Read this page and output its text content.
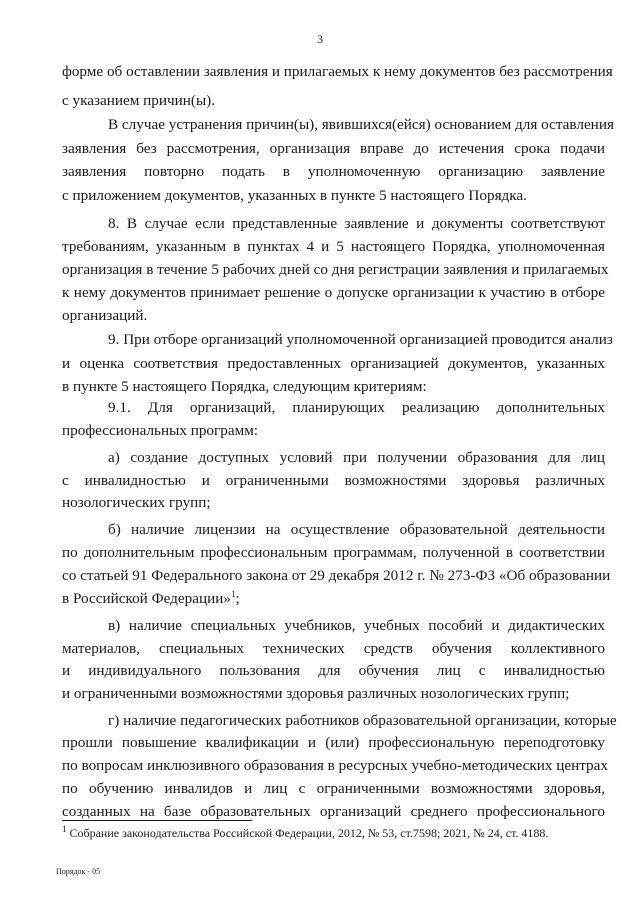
3
форме об оставлении заявления и прилагаемых к нему документов без рассмотрения
с указанием причин(ы).
В случае устранения причин(ы), явившихся(ейся) основанием для оставления
заявления без рассмотрения, организация вправе до истечения срока подачи
заявления повторно подать в уполномоченную организацию заявление
с приложением документов, указанных в пункте 5 настоящего Порядка.
8. В случае если представленные заявление и документы соответствуют
требованиям, указанным в пунктах 4 и 5 настоящего Порядка, уполномоченная
организация в течение 5 рабочих дней со дня регистрации заявления и прилагаемых
к нему документов принимает решение о допуске организации к участию в отборе
организаций.
9. При отборе организаций уполномоченной организацией проводится анализ
и оценка соответствия предоставленных организацией документов, указанных
в пункте 5 настоящего Порядка, следующим критериям:
9.1. Для организаций, планирующих реализацию дополнительных
профессиональных программ:
а) создание доступных условий при получении образования для лиц
с инвалидностью и ограниченными возможностями здоровья различных
нозологических групп;
б) наличие лицензии на осуществление образовательной деятельности
по дополнительным профессиональным программам, полученной в соответствии
со статьей 91 Федерального закона от 29 декабря 2012 г. № 273-ФЗ «Об образовании
в Российской Федерации»$^1$;
в) наличие специальных учебников, учебных пособий и дидактических
материалов, специальных технических средств обучения коллективного
и индивидуального пользования для обучения лиц с инвалидностью
и ограниченными возможностями здоровья различных нозологических групп;
г) наличие педагогических работников образовательной организации, которые
прошли повышение квалификации и (или) профессиональную переподготовку
по вопросам инклюзивного образования в ресурсных учебно-методических центрах
по обучению инвалидов и лиц с ограниченными возможностями здоровья,
созданных на базе образовательных организаций среднего профессионального
$^1$ Собрание законодательства Российской Федерации, 2012, № 53, ст.7598; 2021, № 24, ст. 4188.
Порядок - 05
